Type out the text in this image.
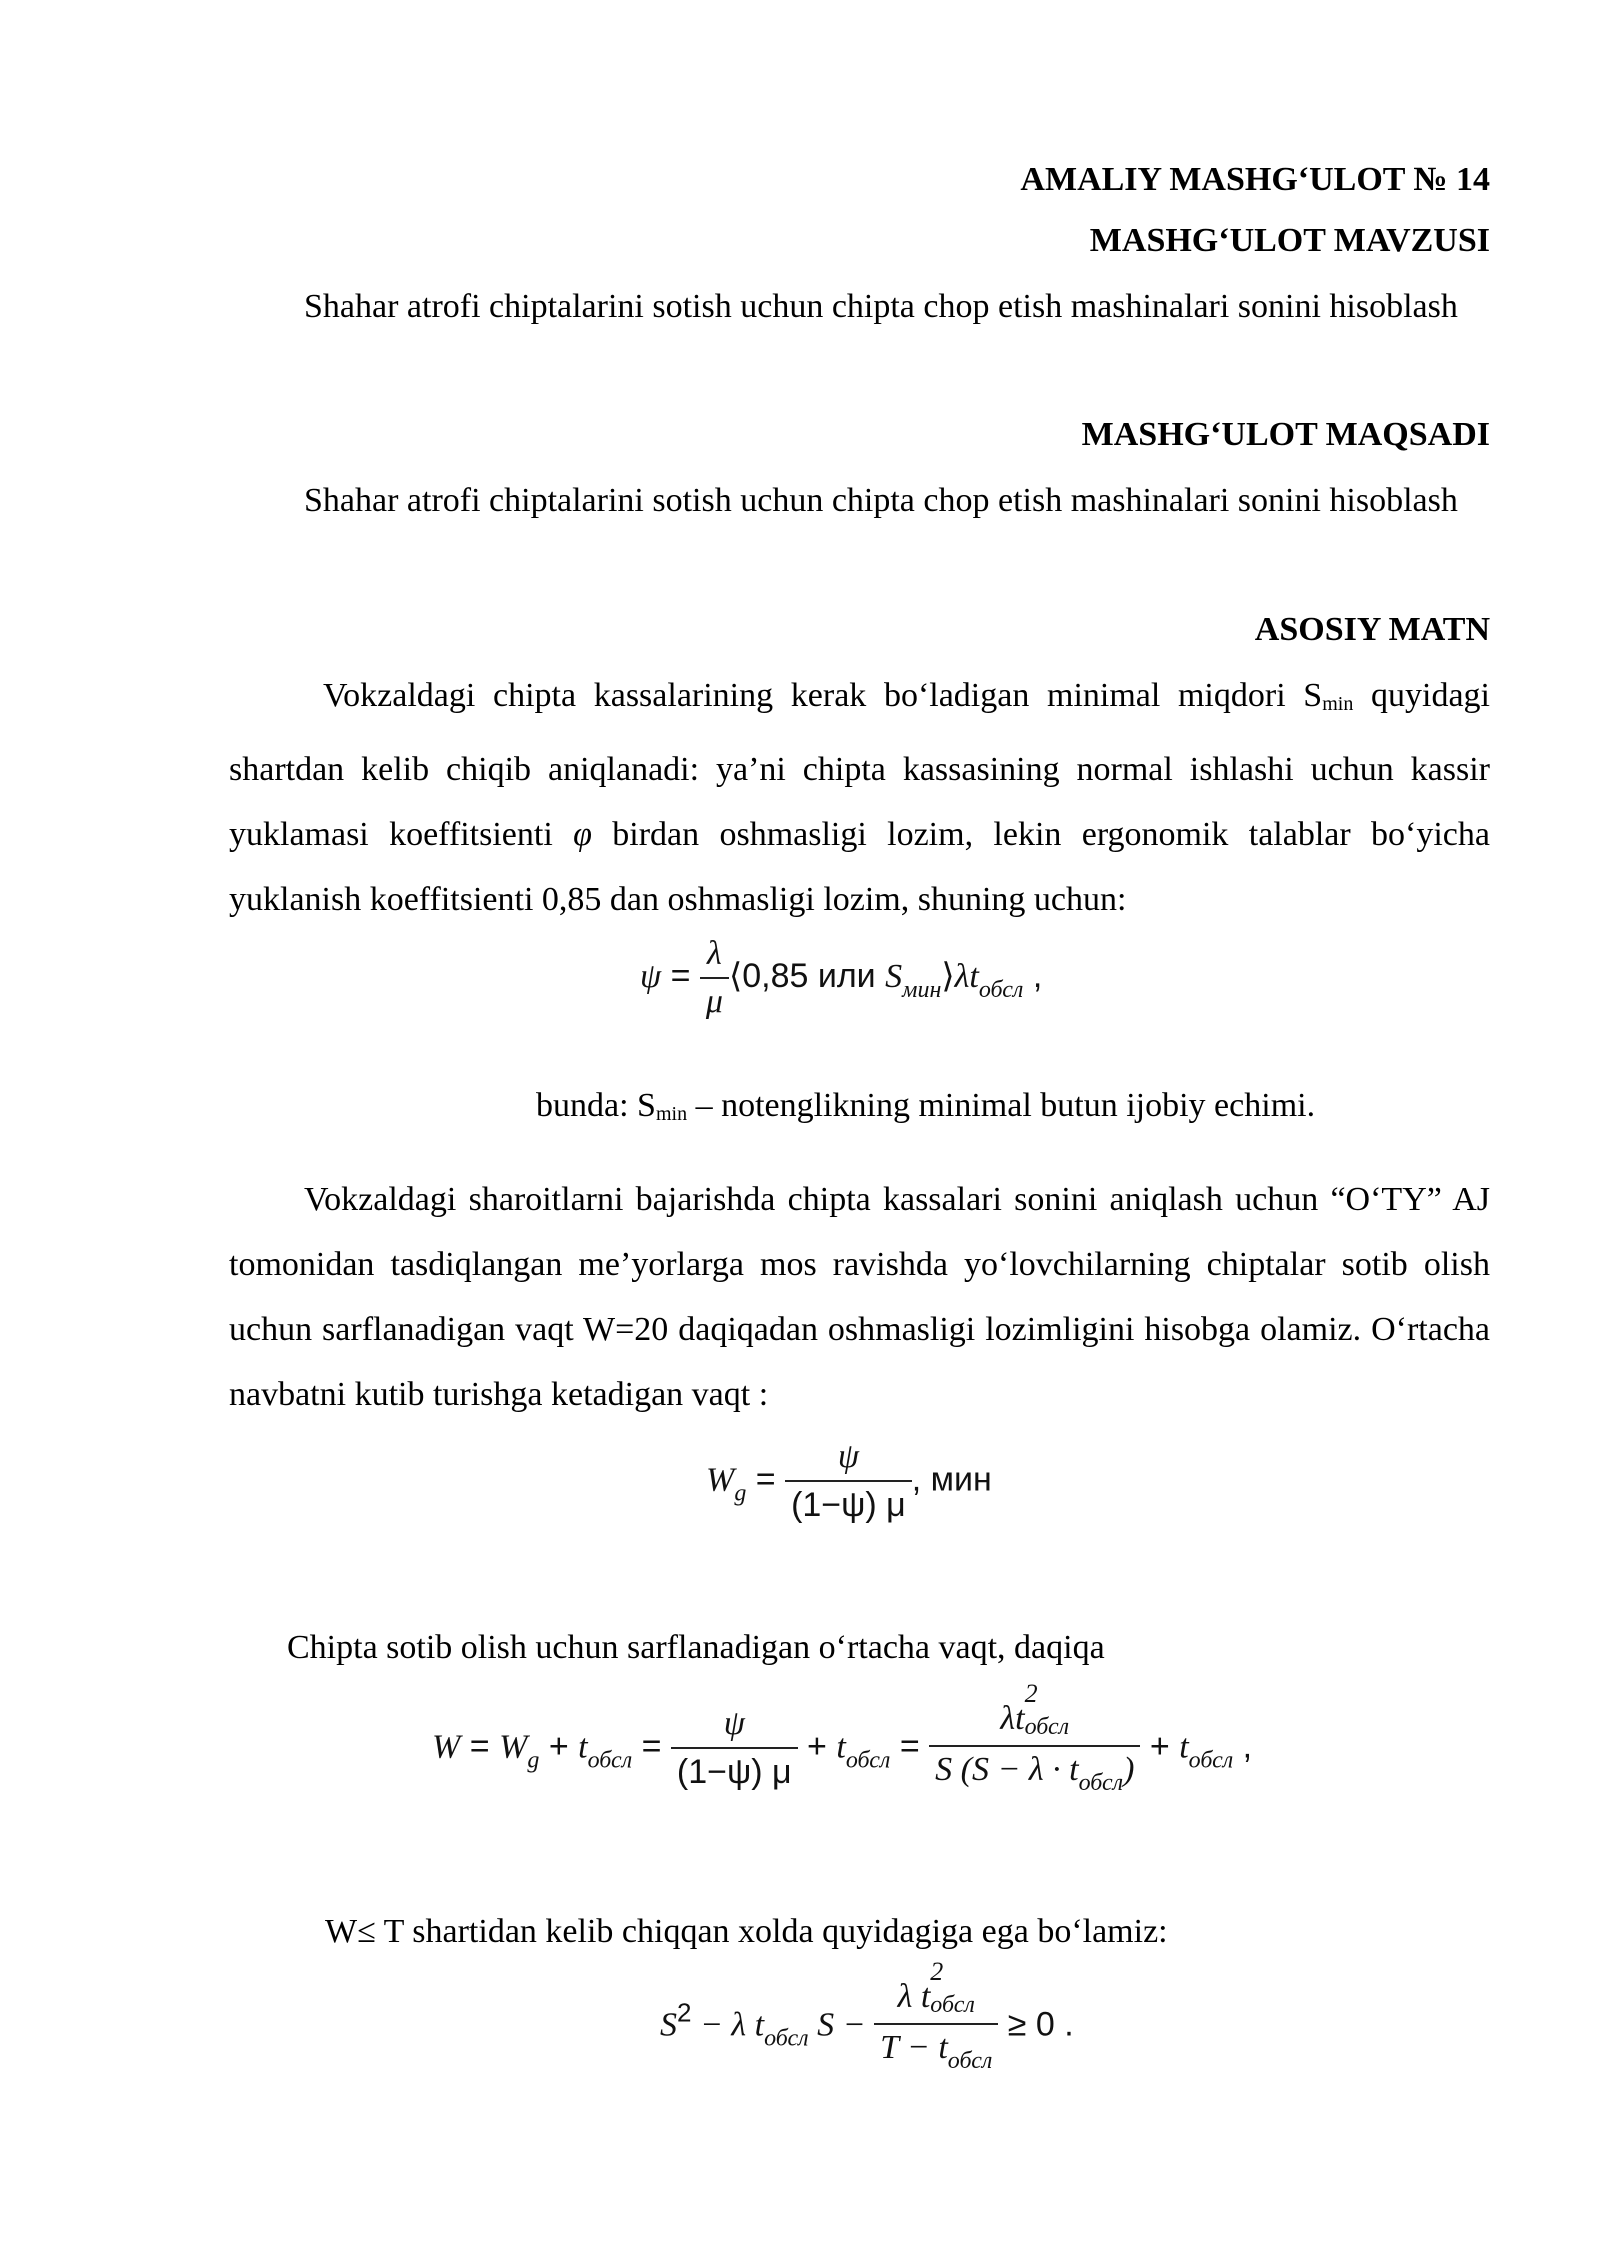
AMALIY MASHG‘ULOT № 14

MASHG‘ULOT MAVZUSI

Shahar atrofi chiptalarini sotish uchun chipta chop etish mashinalari sonini hisoblash

MASHG‘ULOT MAQSADI

Shahar atrofi chiptalarini sotish uchun chipta chop etish mashinalari sonini hisoblash

ASOSIY MATN

Vokzaldagi chipta kassalarining kerak bo‘ladigan minimal miqdori $S_{min}$ quyidagi shartdan kelib chiqib aniqlanadi: ya’ni chipta kassasining normal ishlashi uchun kassir yuklamasi koeffitsienti φ birdan oshmasligi lozim, lekin ergonomik talablar bo‘yicha yuklanish koeffitsienti 0,85 dan oshmasligi lozim, shuning uchun:

$\psi = \frac{\lambda}{\mu}$ ⟨0,85 или $S_{мин}⟩\lambda t_{обсл}$ ,

bunda: $S_{min}$ – notenglikning minimal butun ijobiy echimi.

Vokzaldagi sharoitlarni bajarishda chipta kassalari sonini aniqlash uchun “O‘TY” AJ tomonidan tasdiqlangan me’yorlarga mos ravishda yo‘lovchilarning chiptalar sotib olish uchun sarflanadigan vaqt W=20 daqiqadan oshmasligi lozimligini hisobga olamiz. O‘rtacha navbatni kutib turishga ketadigan vaqt :

$W_g = \frac{\psi}{(1-\psi) \mu}$ , мин

Chipta sotib olish uchun sarflanadigan o‘rtacha vaqt, daqiqa

$W = W_g + t_{обсл} = \frac{\psi}{(1-\psi) \mu} + t_{обсл} = \lambda t$
2
обсл
S $(S - \lambda \cdot t_{обсл}) + t_{обсл}$ ,

W≤ T shartidan kelib chiqqan xolda quyidagiga ega bo‘lamiz:

$S^2 - \lambda$ $t_{обсл}$ S − λ t
2
обсл
$T - t_{обсл} \ge 0$ .
